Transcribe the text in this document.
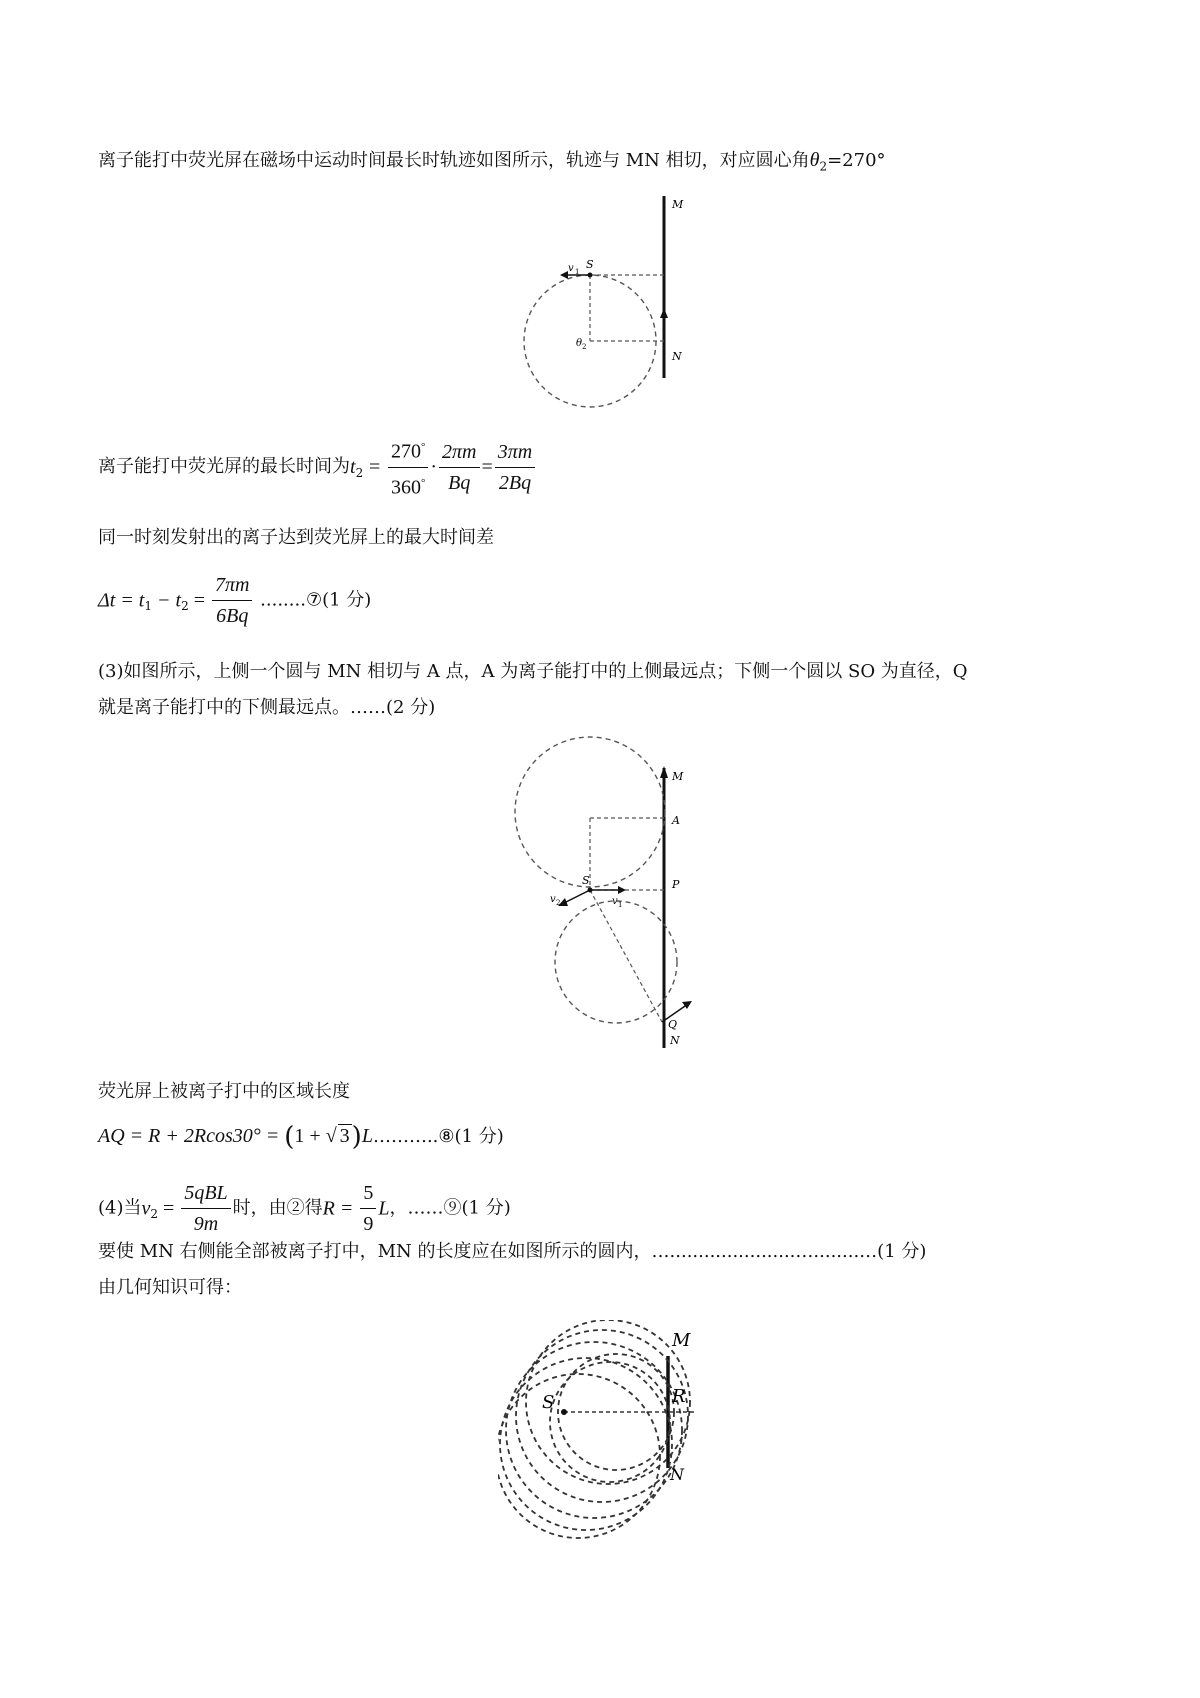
离子能打中荧光屏在磁场中运动时间最长时轨迹如图所示，轨迹与 MN 相切，对应圆心角$\theta_2=270^\circ$
M
S
N
v 1
θ 2
离子能打中荧光屏的最长时间为$t_2 = \frac{270^\circ}{360^\circ} \cdot \frac{2\pi m}{Bq} = \frac{3\pi m}{2Bq}$
同一时刻发射出的离子达到荧光屏上的最大时间差
$\Delta t = t_1 - t_2 = \frac{7\pi m}{6Bq}$ ........⑦(1 分)
(3)如图所示，上侧一个圆与 MN 相切与 A 点，A 为离子能打中的上侧最远点；下侧一个圆以 SO 为直径，Q
就是离子能打中的下侧最远点。……(2 分)
M
A
S	P
v 2	v 1
Q
N
荧光屏上被离子打中的区域长度
AQ = R + 2Rcos30° = (1 + √ 3)L………..⑧(1 分)
(4)当$v_2 = \frac{\text{5qBL}}{9m}$ 时，由②得$R = \frac{5}{9}$ L，……⑨(1 分)
要使 MN 右侧能全部被离子打中，MN 的长度应在如图所示的圆内，…......................…........…(1 分)
由几何知识可得：
M
S	R
N
